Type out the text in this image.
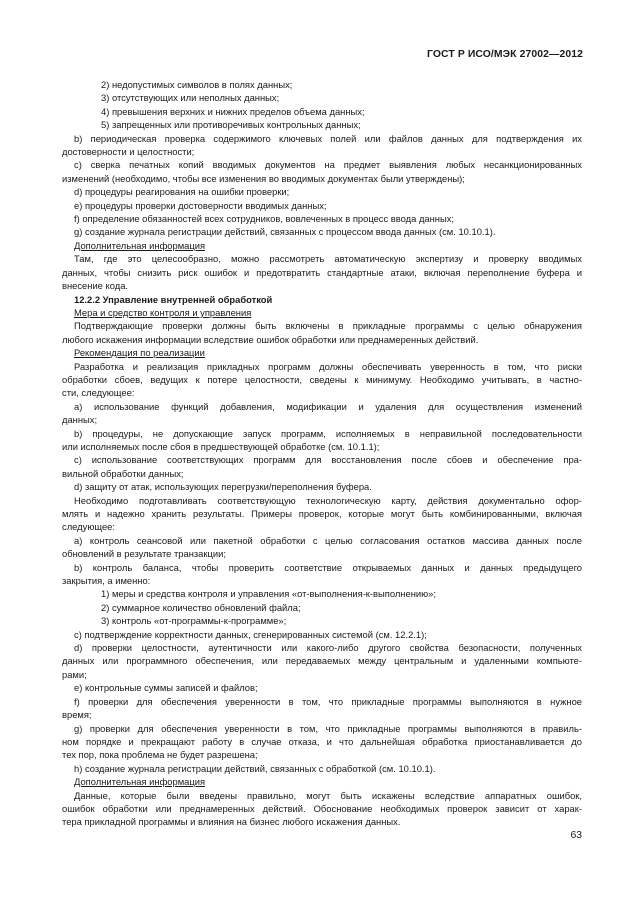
ГОСТ Р ИСО/МЭК 27002—2012
2) недопустимых символов в полях данных;
3) отсутствующих или неполных данных;
4) превышения верхних и нижних пределов объема данных;
5) запрещенных или противоречивых контрольных данных;
b) периодическая проверка содержимого ключевых полей или файлов данных для подтверждения их
достоверности и целостности;
c) сверка печатных копий вводимых документов на предмет выявления любых несанкционированных
изменений (необходимо, чтобы все изменения во вводимых документах были утверждены);
d) процедуры реагирования на ошибки проверки;
e) процедуры проверки достоверности вводимых данных;
f) определение обязанностей всех сотрудников, вовлеченных в процесс ввода данных;
g) создание журнала регистрации действий, связанных с процессом ввода данных (см. 10.10.1).
Дополнительная информация
Там, где это целесообразно, можно рассмотреть автоматическую экспертизу и проверку вводимых
данных, чтобы снизить риск ошибок и предотвратить стандартные атаки, включая переполнение буфера и
внесение кода.
12.2.2 Управление внутренней обработкой
Мера и средство контроля и управления
Подтверждающие проверки должны быть включены в прикладные программы с целью обнаружения
любого искажения информации вследствие ошибок обработки или преднамеренных действий.
Рекомендация по реализации
Разработка и реализация прикладных программ должны обеспечивать уверенность в том, что риски
обработки сбоев, ведущих к потере целостности, сведены к минимуму. Необходимо учитывать, в частно-
сти, следующее:
a) использование функций добавления, модификации и удаления для осуществления изменений
данных;
b) процедуры, не допускающие запуск программ, исполняемых в неправильной последовательности
или исполняемых после сбоя в предшествующей обработке (см. 10.1.1);
c) использование соответствующих программ для восстановления после сбоев и обеспечение пра-
вильной обработки данных;
d) защиту от атак, использующих перегрузки/переполнения буфера.
Необходимо подготавливать соответствующую технологическую карту, действия документально офор-
млять и надежно хранить результаты. Примеры проверок, которые могут быть комбинированными, включая
следующее:
a) контроль сеансовой или пакетной обработки с целью согласования остатков массива данных после
обновлений в результате транзакции;
b) контроль баланса, чтобы проверить соответствие открываемых данных и данных предыдущего
закрытия, а именно:
1) меры и средства контроля и управления «от-выполнения-к-выполнению»;
2) суммарное количество обновлений файла;
3) контроль «от-программы-к-программе»;
c) подтверждение корректности данных, сгенерированных системой (см. 12.2.1);
d) проверки целостности, аутентичности или какого-либо другого свойства безопасности, полученных
данных или программного обеспечения, или передаваемых между центральным и удаленными компьюте-
рами;
e) контрольные суммы записей и файлов;
f) проверки для обеспечения уверенности в том, что прикладные программы выполняются в нужное
время;
g) проверки для обеспечения уверенности в том, что прикладные программы выполняются в правиль-
ном порядке и прекращают работу в случае отказа, и что дальнейшая обработка приостанавливается до
тех пор, пока проблема не будет разрешена;
h) создание журнала регистрации действий, связанных с обработкой (см. 10.10.1).
Дополнительная информация
Данные, которые были введены правильно, могут быть искажены вследствие аппаратных ошибок,
ошибок обработки или преднамеренных действий. Обоснование необходимых проверок зависит от харак-
тера прикладной программы и влияния на бизнес любого искажения данных.
63
